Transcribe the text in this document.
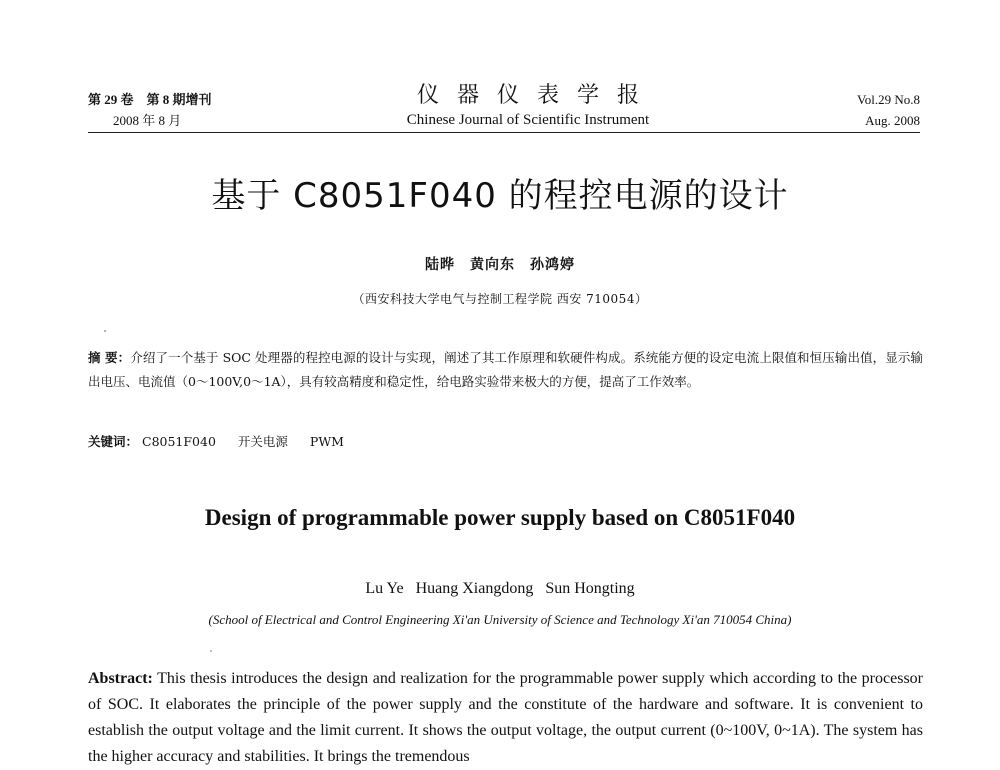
第 29 卷　第 8 期增刊
2008 年 8 月
仪器仪表学报
Chinese Journal of Scientific Instrument
Vol.29 No.8
Aug. 2008
基于 C8051F040 的程控电源的设计
陆晔　黄向东　孙鸿婷
（西安科技大学电气与控制工程学院 西安 710054）
摘 要：介绍了一个基于 SOC 处理器的程控电源的设计与实现，阐述了其工作原理和软硬件构成。系统能方便的设定电流上限值和恒压输出值，显示输出电压、电流值（0～100V,0～1A），具有较高精度和稳定性，给电路实验带来极大的方便，提高了工作效率。
关键词： C8051F040 开关电源 PWM
Design of programmable power supply based on C8051F040
Lu Ye Huang Xiangdong Sun Hongting
(School of Electrical and Control Engineering Xi'an University of Science and Technology Xi'an 710054 China)
Abstract: This thesis introduces the design and realization for the programmable power supply which according to the processor of SOC. It elaborates the principle of the power supply and the constitute of the hardware and software. It is convenient to establish the output voltage and the limit current. It shows the output voltage, the output current (0~100V, 0~1A). The system has the higher accuracy and stabilities. It brings the tremendous
